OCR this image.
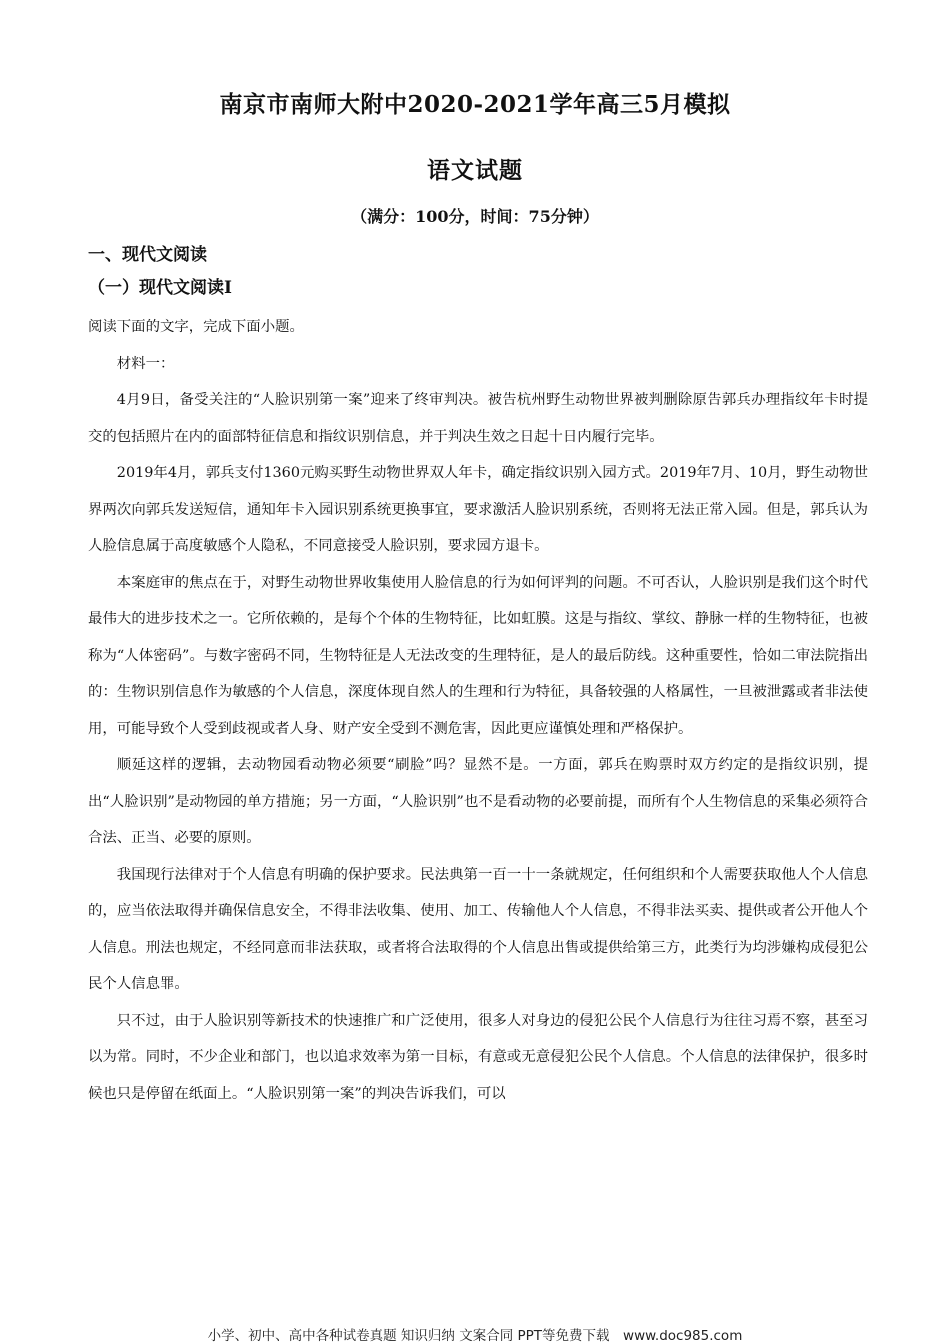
南京市南师大附中2020-2021学年高三5月模拟
语文试题
（满分：100分，时间：75分钟）
一、现代文阅读
（一）现代文阅读Ⅰ

阅读下面的文字，完成下面小题。

材料一：

4月9日，备受关注的“人脸识别第一案”迎来了终审判决。被告杭州野生动物世界被判删除原告郭兵办理指纹年卡时提交的包括照片在内的面部特征信息和指纹识别信息，并于判决生效之日起十日内履行完毕。

2019年4月，郭兵支付1360元购买野生动物世界双人年卡，确定指纹识别入园方式。2019年7月、10月，野生动物世界两次向郭兵发送短信，通知年卡入园识别系统更换事宜，要求激活人脸识别系统，否则将无法正常入园。但是，郭兵认为人脸信息属于高度敏感个人隐私，不同意接受人脸识别，要求园方退卡。

本案庭审的焦点在于，对野生动物世界收集使用人脸信息的行为如何评判的问题。不可否认，人脸识别是我们这个时代最伟大的进步技术之一。它所依赖的，是每个个体的生物特征，比如虹膜。这是与指纹、掌纹、静脉一样的生物特征，也被称为“人体密码”。与数字密码不同，生物特征是人无法改变的生理特征，是人的最后防线。这种重要性，恰如二审法院指出的：生物识别信息作为敏感的个人信息，深度体现自然人的生理和行为特征，具备较强的人格属性，一旦被泄露或者非法使用，可能导致个人受到歧视或者人身、财产安全受到不测危害，因此更应谨慎处理和严格保护。

顺延这样的逻辑，去动物园看动物必须要“刷脸”吗？显然不是。一方面，郭兵在购票时双方约定的是指纹识别，提出“人脸识别”是动物园的单方措施；另一方面，“人脸识别”也不是看动物的必要前提，而所有个人生物信息的采集必须符合合法、正当、必要的原则。

我国现行法律对于个人信息有明确的保护要求。民法典第一百一十一条就规定，任何组织和个人需要获取他人个人信息的，应当依法取得并确保信息安全，不得非法收集、使用、加工、传输他人个人信息，不得非法买卖、提供或者公开他人个人信息。刑法也规定，不经同意而非法获取，或者将合法取得的个人信息出售或提供给第三方，此类行为均涉嫌构成侵犯公民个人信息罪。

只不过，由于人脸识别等新技术的快速推广和广泛使用，很多人对身边的侵犯公民个人信息行为往往习焉不察，甚至习以为常。同时，不少企业和部门，也以追求效率为第一目标，有意或无意侵犯公民个人信息。个人信息的法律保护，很多时候也只是停留在纸面上。“人脸识别第一案”的判决告诉我们，可以

小学、初中、高中各种试卷真题 知识归纳 文案合同 PPT等免费下载　www.doc985.com
